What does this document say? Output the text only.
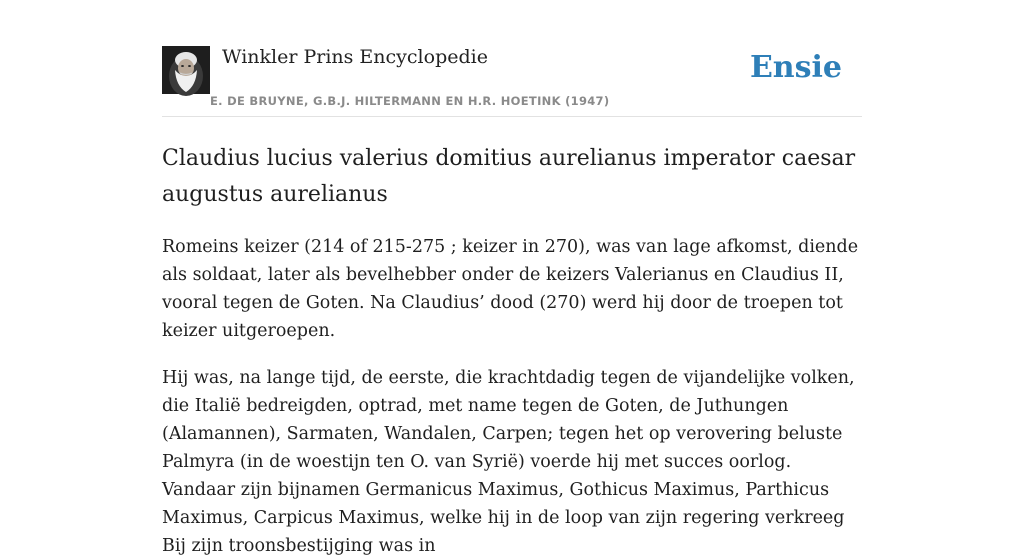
Winkler Prins Encyclopedie
E. DE BRUYNE, G.B.J. HILTERMANN EN H.R. HOETINK (1947)
Ensie
Claudius lucius valerius domitius aurelianus imperator caesar augustus aurelianus

Romeins keizer (214 of 215-275 ; keizer in 270), was van lage afkomst, diende als soldaat, later als bevelhebber onder de keizers Valerianus en Claudius II, vooral tegen de Goten. Na Claudius’ dood (270) werd hij door de troepen tot keizer uitgeroepen.

Hij was, na lange tijd, de eerste, die krachtdadig tegen de vijandelijke volken, die Italië bedreigden, optrad, met name tegen de Goten, de Juthungen (Alamannen), Sarmaten, Wandalen, Carpen; tegen het op verovering beluste Palmyra (in de woestijn ten O. van Syrië) voerde hij met succes oorlog. Vandaar zijn bijnamen Germanicus Maximus, Gothicus Maximus, Parthicus Maximus, Carpicus Maximus, welke hij in de loop van zijn regering verkreeg Bij zijn troonsbestijging was in
